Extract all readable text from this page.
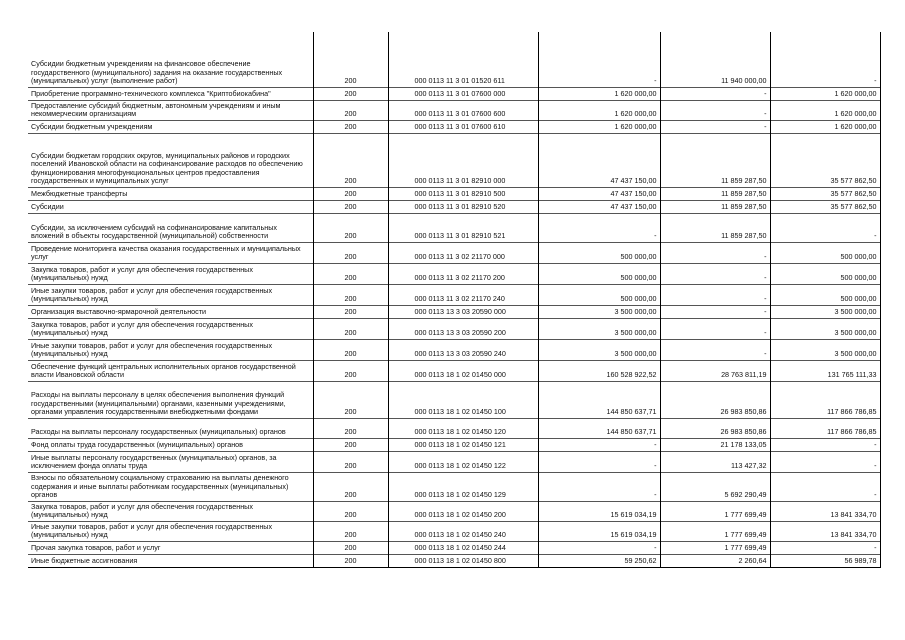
Субсидии бюджетным учреждениям на финансовое обеспечение государственного (муниципального) задания на оказание государственных (муниципальных) услуг (выполнение работ)	200	000 0113 11 3 01 01520 611	-	11 940 000,00	-
Приобретение программно-технического комплекса "Криптобиокабина"	200	000 0113 11 3 01 07600 000	1 620 000,00	-	1 620 000,00
Предоставление субсидий бюджетным, автономным учреждениям и иным некоммерческим организациям	200	000 0113 11 3 01 07600 600	1 620 000,00	-	1 620 000,00
Субсидии бюджетным учреждениям	200	000 0113 11 3 01 07600 610	1 620 000,00	-	1 620 000,00
Субсидии бюджетам городских округов, муниципальных районов и городских поселений Ивановской области на софинансирование расходов по обеспечению функционирования многофункциональных центров предоставления государственных и муниципальных услуг	200	000 0113 11 3 01 82910 000	47 437 150,00	11 859 287,50	35 577 862,50
Межбюджетные трансферты	200	000 0113 11 3 01 82910 500	47 437 150,00	11 859 287,50	35 577 862,50
Субсидии	200	000 0113 11 3 01 82910 520	47 437 150,00	11 859 287,50	35 577 862,50
Субсидии, за исключением субсидий на софинансирование капитальных вложений в объекты государственной (муниципальной) собственности	200	000 0113 11 3 01 82910 521	-	11 859 287,50	-
Проведение мониторинга качества оказания государственных и муниципальных услуг	200	000 0113 11 3 02 21170 000	500 000,00	-	500 000,00
Закупка товаров, работ и услуг для обеспечения государственных (муниципальных) нужд	200	000 0113 11 3 02 21170 200	500 000,00	-	500 000,00
Иные закупки товаров, работ и услуг для обеспечения государственных (муниципальных) нужд	200	000 0113 11 3 02 21170 240	500 000,00	-	500 000,00
Организация выставочно-ярмарочной деятельности	200	000 0113 13 3 03 20590 000	3 500 000,00	-	3 500 000,00
Закупка товаров, работ и услуг для обеспечения государственных (муниципальных) нужд	200	000 0113 13 3 03 20590 200	3 500 000,00	-	3 500 000,00
Иные закупки товаров, работ и услуг для обеспечения государственных (муниципальных) нужд	200	000 0113 13 3 03 20590 240	3 500 000,00	-	3 500 000,00
Обеспечение функций центральных исполнительных органов государственной власти Ивановской области	200	000 0113 18 1 02 01450 000	160 528 922,52	28 763 811,19	131 765 111,33
Расходы на выплаты персоналу в целях обеспечения выполнения функций государственными (муниципальными) органами, казенными учреждениями, органами управления государственными внебюджетными фондами	200	000 0113 18 1 02 01450 100	144 850 637,71	26 983 850,86	117 866 786,85
Расходы на выплаты персоналу государственных (муниципальных) органов	200	000 0113 18 1 02 01450 120	144 850 637,71	26 983 850,86	117 866 786,85
Фонд оплаты труда государственных (муниципальных) органов	200	000 0113 18 1 02 01450 121	-	21 178 133,05	-
Иные выплаты персоналу государственных (муниципальных) органов, за исключением фонда оплаты труда	200	000 0113 18 1 02 01450 122	-	113 427,32	-
Взносы по обязательному социальному страхованию на выплаты денежного содержания и иные выплаты работникам государственных (муниципальных) органов	200	000 0113 18 1 02 01450 129	-	5 692 290,49	-
Закупка товаров, работ и услуг для обеспечения государственных (муниципальных) нужд	200	000 0113 18 1 02 01450 200	15 619 034,19	1 777 699,49	13 841 334,70
Иные закупки товаров, работ и услуг для обеспечения государственных (муниципальных) нужд	200	000 0113 18 1 02 01450 240	15 619 034,19	1 777 699,49	13 841 334,70
Прочая закупка товаров, работ и услуг	200	000 0113 18 1 02 01450 244	-	1 777 699,49	-
Иные бюджетные ассигнования	200	000 0113 18 1 02 01450 800	59 250,62	2 260,64	56 989,78
